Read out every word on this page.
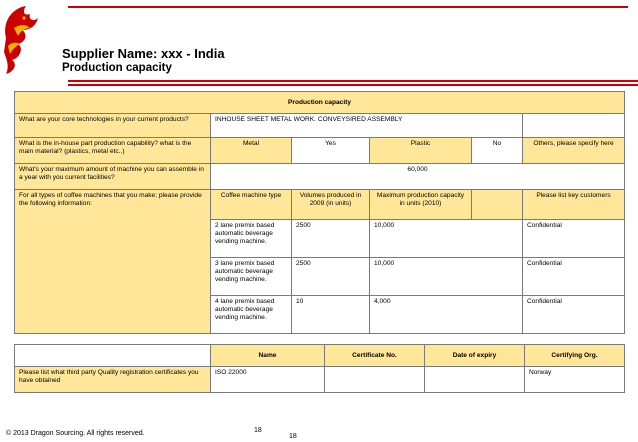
Supplier Name: xxx - India
Production capacity
Production capacity					
What are your core technologies in your current products?	INHOUSE SHEET METAL WORK. CONVEYSIRED ASSEMBLY				
What is the in-house part production capability? what is the main material? (plastics, metal etc..)	Metal	Yes	Plastic	No	Others, please specify here
What's your maximum amount of machine you can assemble in a year with you current facilities?	60,000				
For all types of coffee machines that you make; please provide the following information:	Coffee machine type	Volumes produced in 2009 (in units)	Maximum production capacity in units (2010)		Please list key customers
	2 lane premix based automatic beverage vending machine.	2500	10,000		Confidential
	3 lane premix based automatic beverage vending machine.	2500	10,000		Confidential
	4 lane premix based automatic beverage vending machine.	10	4,000		Confidential
	Name	Certificate No.	Date of expiry	Certifying Org.
Please list what third party Quality registration certificates you have obtained	ISO 22000			Norway
© 2013 Dragon Sourcing. All rights reserved.	18
18
